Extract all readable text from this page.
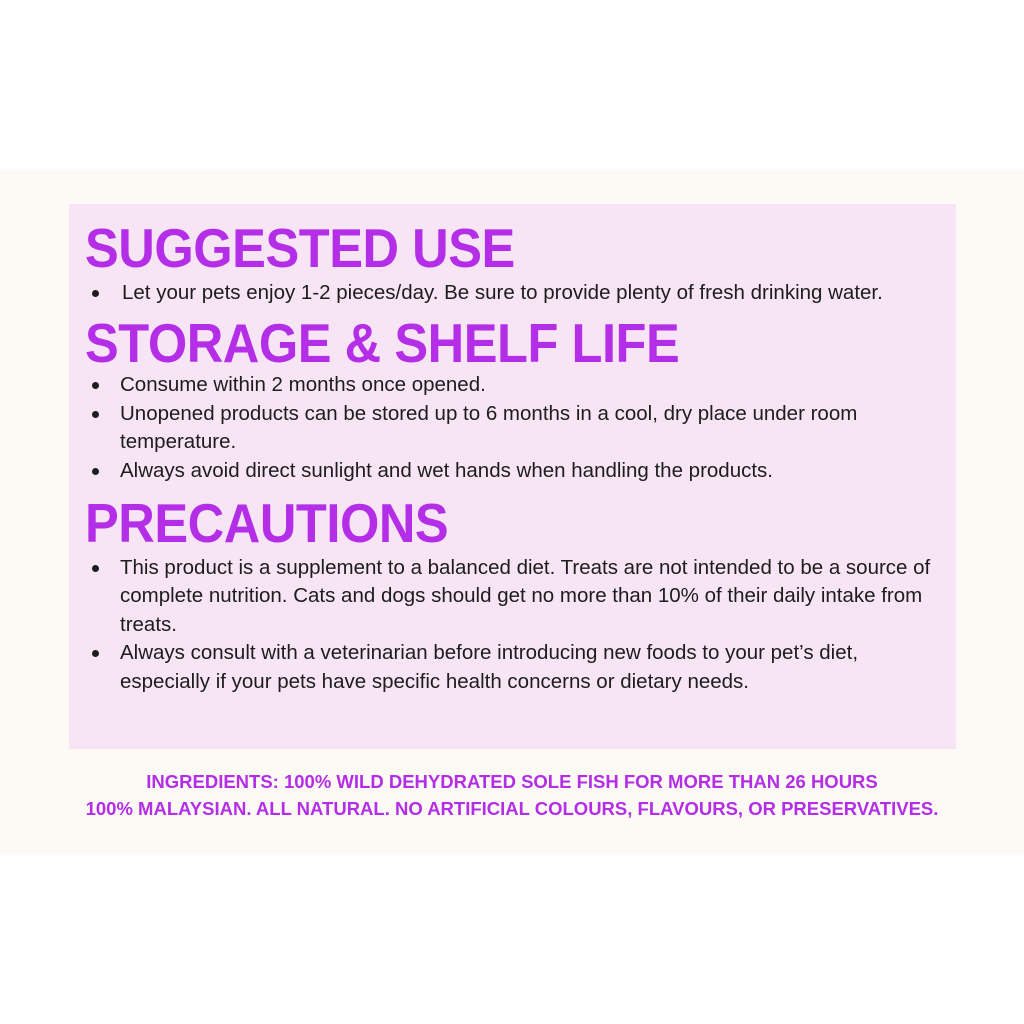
SUGGESTED USE
Let your pets enjoy 1-2 pieces/day. Be sure to provide plenty of fresh drinking water.
STORAGE & SHELF LIFE
Consume within 2 months once opened.
Unopened products can be stored up to 6 months in a cool, dry place under room temperature.
Always avoid direct sunlight and wet hands when handling the products.
PRECAUTIONS
This product is a supplement to a balanced diet. Treats are not intended to be a source of complete nutrition. Cats and dogs should get no more than 10% of their daily intake from treats.
Always consult with a veterinarian before introducing new foods to your pet’s diet, especially if your pets have specific health concerns or dietary needs.
INGREDIENTS: 100% WILD DEHYDRATED SOLE FISH FOR MORE THAN 26 HOURS
100% MALAYSIAN. ALL NATURAL. NO ARTIFICIAL COLOURS, FLAVOURS, OR PRESERVATIVES.
